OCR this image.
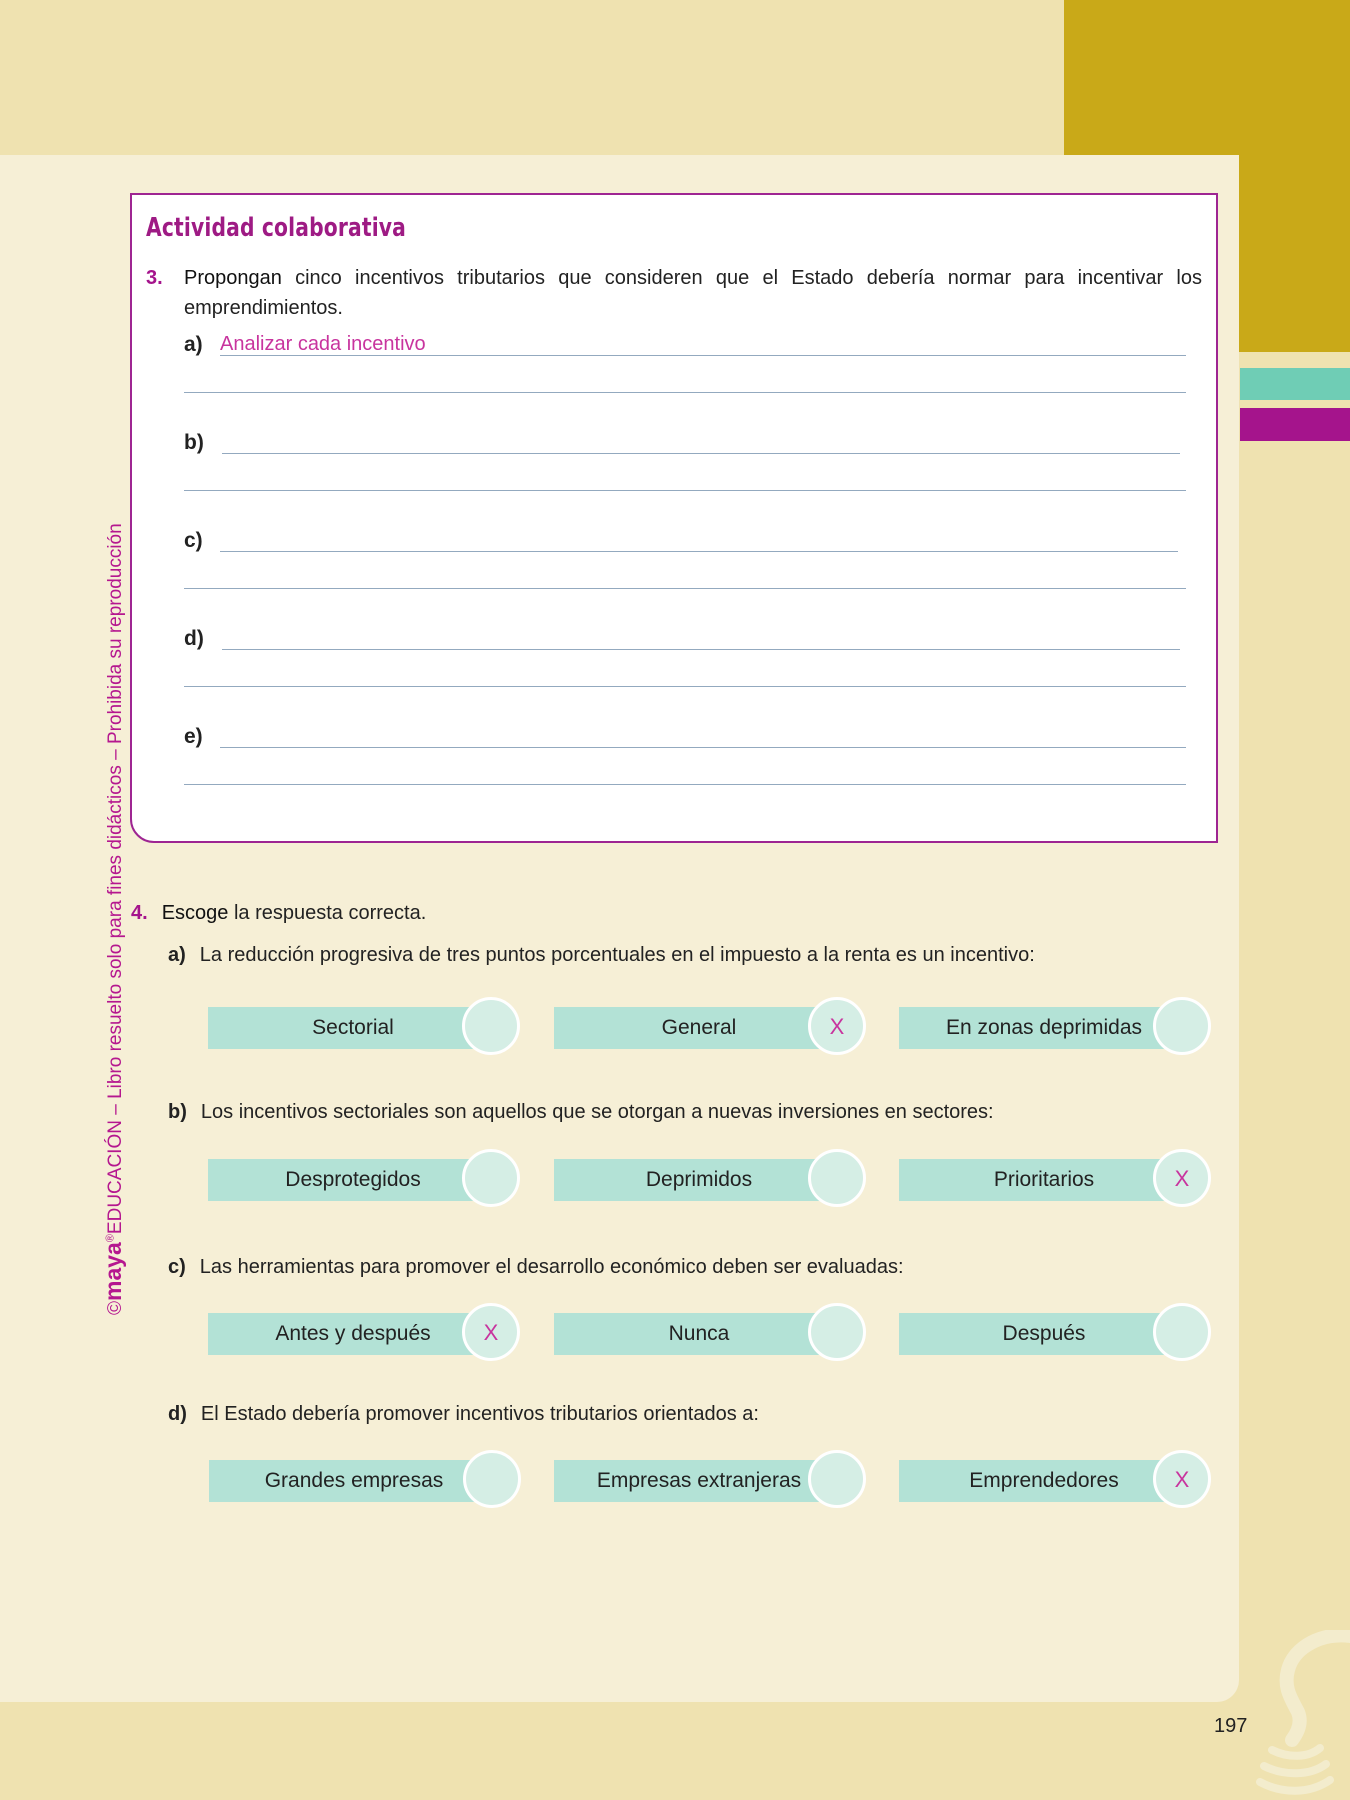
©maya®EDUCACIÓN – Libro resuelto solo para fines didácticos – Prohibida su reproducción
Actividad colaborativa
3. Propongan cinco incentivos tributarios que consideren que el Estado debería normar para incentivar los emprendimientos.
a) Analizar cada incentivo
b)
c)
d)
e)
4. Escoge la respuesta correcta.
a) La reducción progresiva de tres puntos porcentuales en el impuesto a la renta es un incentivo:
Sectorial	General	X	En zonas deprimidas
b) Los incentivos sectoriales son aquellos que se otorgan a nuevas inversiones en sectores:
Desprotegidos	Deprimidos	Prioritarios	X
c) Las herramientas para promover el desarrollo económico deben ser evaluadas:
Antes y después	X	Nunca	Después
d) El Estado debería promover incentivos tributarios orientados a:
Grandes empresas	Empresas extranjeras	Emprendedores	X
197
